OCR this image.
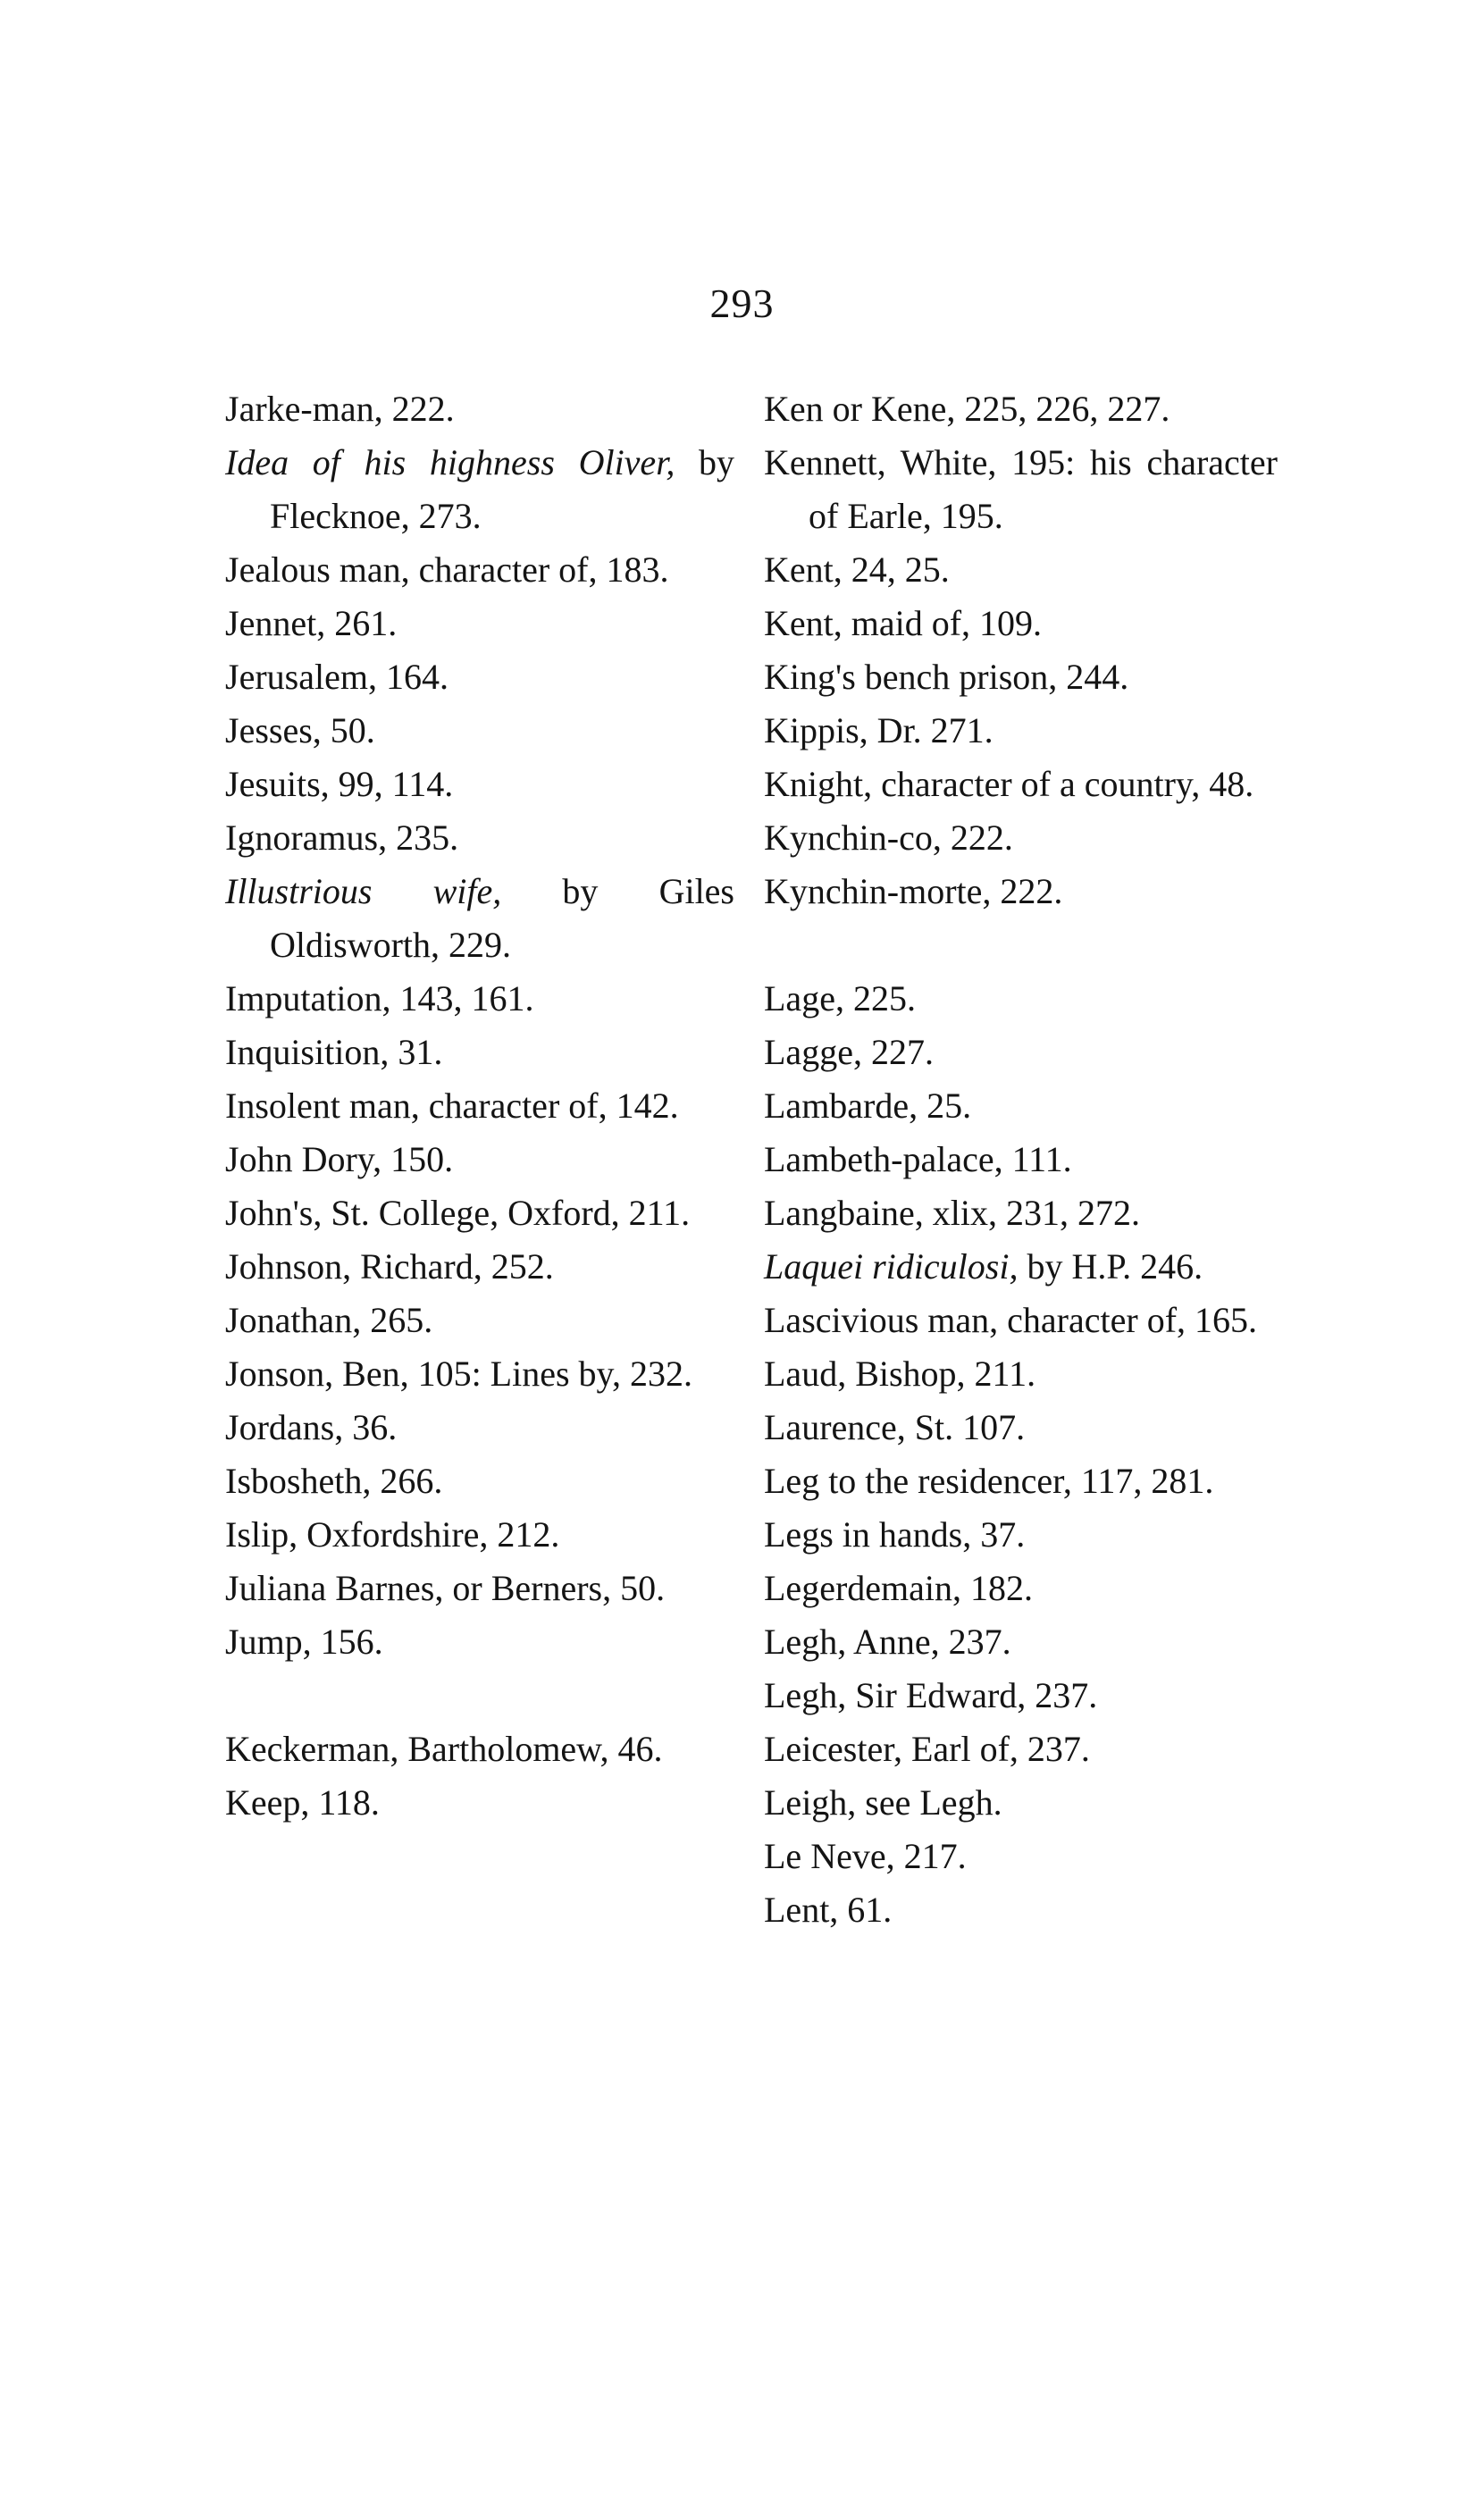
293
Jarke-man, 222.
Idea of his highness Oliver, by Flecknoe, 273.
Jealous man, character of, 183.
Jennet, 261.
Jerusalem, 164.
Jesses, 50.
Jesuits, 99, 114.
Ignoramus, 235.
Illustrious wife, by Giles Oldisworth, 229.
Imputation, 143, 161.
Inquisition, 31.
Insolent man, character of, 142.
John Dory, 150.
John's, St. College, Oxford, 211.
Johnson, Richard, 252.
Jonathan, 265.
Jonson, Ben, 105: Lines by, 232.
Jordans, 36.
Isbosheth, 266.
Islip, Oxfordshire, 212.
Juliana Barnes, or Berners, 50.
Jump, 156.
Keckerman, Bartholomew, 46.
Keep, 118.
Ken or Kene, 225, 226, 227.
Kennett, White, 195: his character of Earle, 195.
Kent, 24, 25.
Kent, maid of, 109.
King's bench prison, 244.
Kippis, Dr. 271.
Knight, character of a country, 48.
Kynchin-co, 222.
Kynchin-morte, 222.
Lage, 225.
Lagge, 227.
Lambarde, 25.
Lambeth-palace, 111.
Langbaine, xlix, 231, 272.
Laquei ridiculosi, by H.P. 246.
Lascivious man, character of, 165.
Laud, Bishop, 211.
Laurence, St. 107.
Leg to the residencer, 117, 281.
Legs in hands, 37.
Legerdemain, 182.
Legh, Anne, 237.
Legh, Sir Edward, 237.
Leicester, Earl of, 237.
Leigh, see Legh.
Le Neve, 217.
Lent, 61.
